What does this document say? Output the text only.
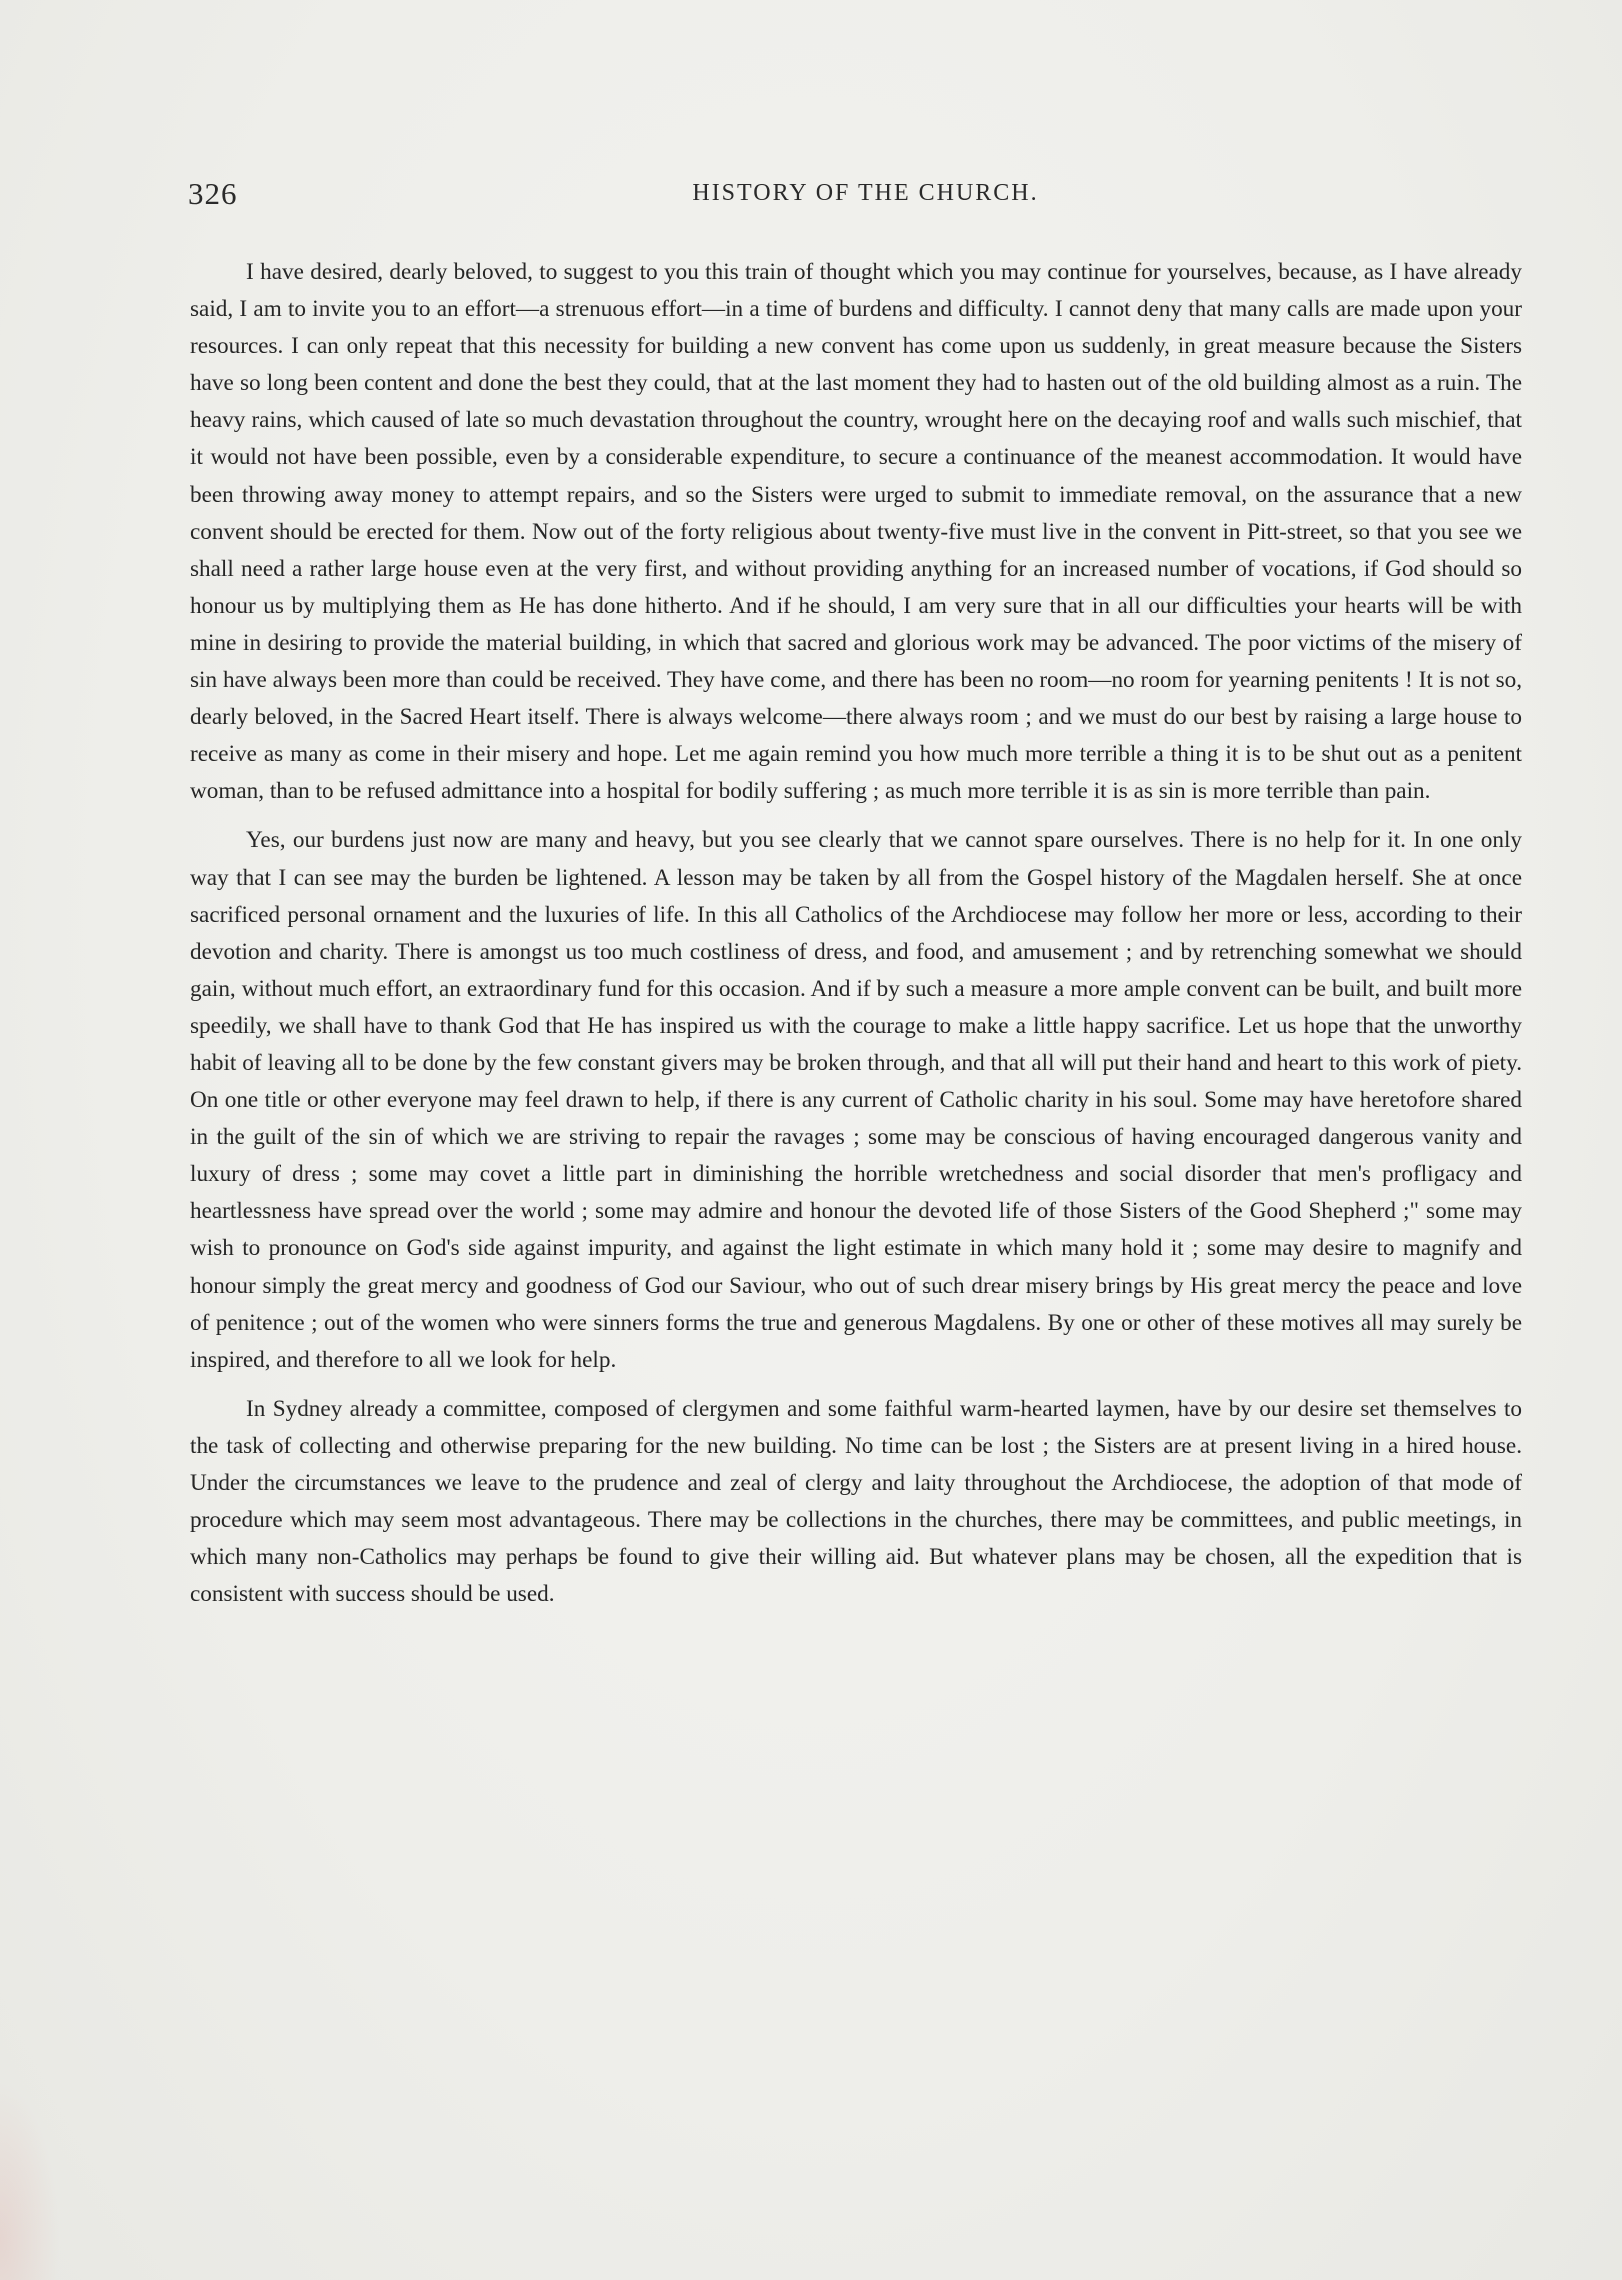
326	HISTORY OF THE CHURCH.

I have desired, dearly beloved, to suggest to you this train of thought which you may continue for yourselves, because, as I have already said, I am to invite you to an effort—a strenuous effort—in a time of burdens and difficulty. I cannot deny that many calls are made upon your resources. I can only repeat that this necessity for building a new convent has come upon us suddenly, in great measure because the Sisters have so long been content and done the best they could, that at the last moment they had to hasten out of the old building almost as a ruin. The heavy rains, which caused of late so much devastation throughout the country, wrought here on the decaying roof and walls such mischief, that it would not have been possible, even by a considerable expenditure, to secure a continuance of the meanest accommodation. It would have been throwing away money to attempt repairs, and so the Sisters were urged to submit to immediate removal, on the assurance that a new convent should be erected for them. Now out of the forty religious about twenty-five must live in the convent in Pitt-street, so that you see we shall need a rather large house even at the very first, and without providing anything for an increased number of vocations, if God should so honour us by multiplying them as He has done hitherto. And if he should, I am very sure that in all our difficulties your hearts will be with mine in desiring to provide the material building, in which that sacred and glorious work may be advanced. The poor victims of the misery of sin have always been more than could be received. They have come, and there has been no room—no room for yearning penitents ! It is not so, dearly beloved, in the Sacred Heart itself. There is always welcome—there always room ; and we must do our best by raising a large house to receive as many as come in their misery and hope. Let me again remind you how much more terrible a thing it is to be shut out as a penitent woman, than to be refused admittance into a hospital for bodily suffering ; as much more terrible it is as sin is more terrible than pain.

Yes, our burdens just now are many and heavy, but you see clearly that we cannot spare ourselves. There is no help for it. In one only way that I can see may the burden be lightened. A lesson may be taken by all from the Gospel history of the Magdalen herself. She at once sacrificed personal ornament and the luxuries of life. In this all Catholics of the Archdiocese may follow her more or less, according to their devotion and charity. There is amongst us too much costliness of dress, and food, and amusement ; and by retrenching somewhat we should gain, without much effort, an extraordinary fund for this occasion. And if by such a measure a more ample convent can be built, and built more speedily, we shall have to thank God that He has inspired us with the courage to make a little happy sacrifice. Let us hope that the unworthy habit of leaving all to be done by the few constant givers may be broken through, and that all will put their hand and heart to this work of piety. On one title or other everyone may feel drawn to help, if there is any current of Catholic charity in his soul. Some may have heretofore shared in the guilt of the sin of which we are striving to repair the ravages ; some may be conscious of having encouraged dangerous vanity and luxury of dress ; some may covet a little part in diminishing the horrible wretchedness and social disorder that men's profligacy and heartlessness have spread over the world ; some may admire and honour the devoted life of those Sisters of the Good Shepherd ;" some may wish to pronounce on God's side against impurity, and against the light estimate in which many hold it ; some may desire to magnify and honour simply the great mercy and goodness of God our Saviour, who out of such drear misery brings by His great mercy the peace and love of penitence ; out of the women who were sinners forms the true and generous Magdalens. By one or other of these motives all may surely be inspired, and therefore to all we look for help.

In Sydney already a committee, composed of clergymen and some faithful warm-hearted laymen, have by our desire set themselves to the task of collecting and otherwise preparing for the new building. No time can be lost ; the Sisters are at present living in a hired house. Under the circumstances we leave to the prudence and zeal of clergy and laity throughout the Archdiocese, the adoption of that mode of procedure which may seem most advantageous. There may be collections in the churches, there may be committees, and public meetings, in which many non-Catholics may perhaps be found to give their willing aid. But whatever plans may be chosen, all the expedition that is consistent with success should be used.
